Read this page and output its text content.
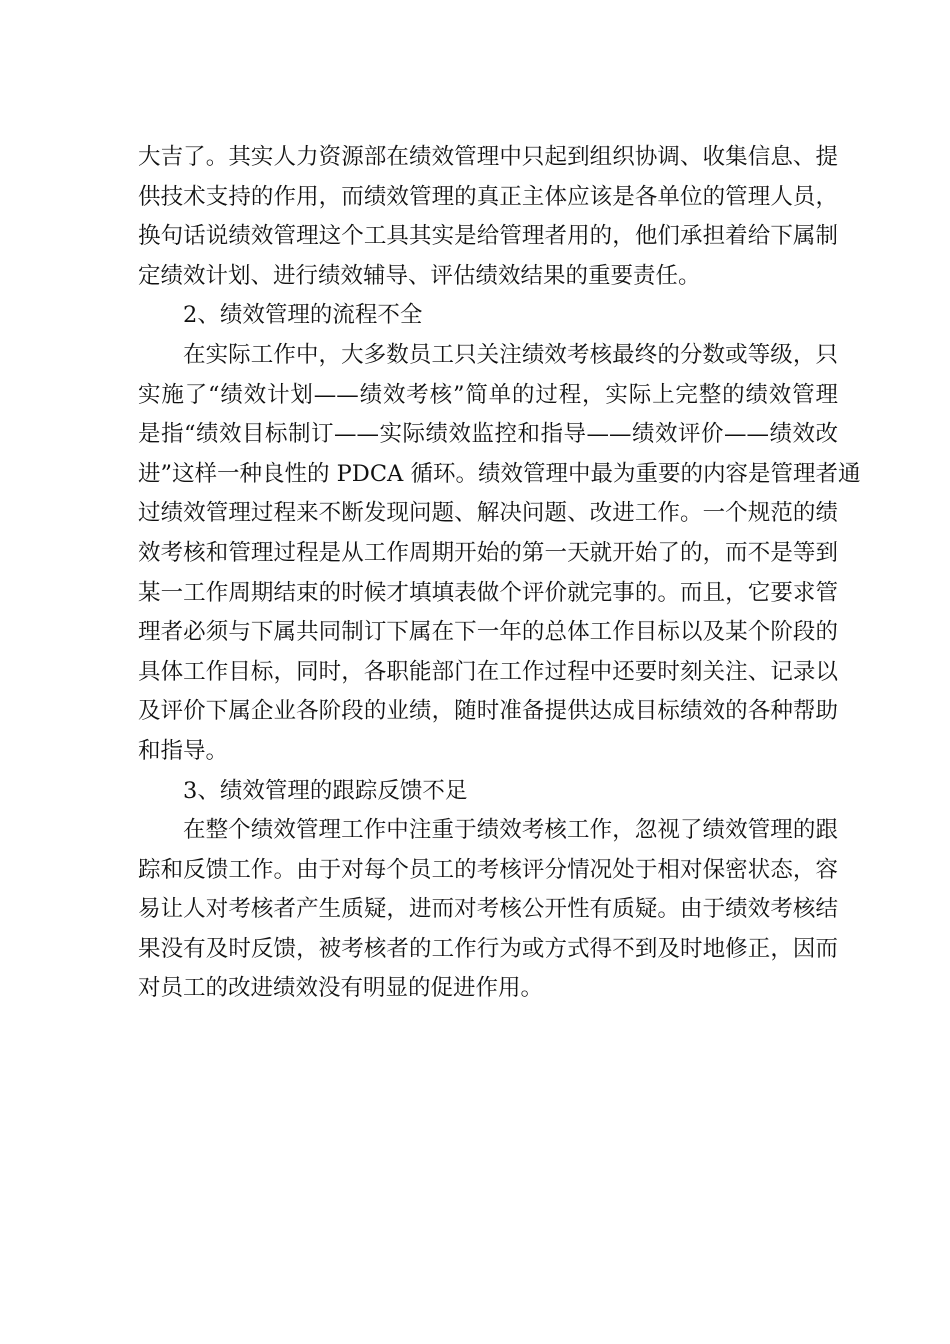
大吉了。其实人力资源部在绩效管理中只起到组织协调、收集信息、提
供技术支持的作用，而绩效管理的真正主体应该是各单位的管理人员，
换句话说绩效管理这个工具其实是给管理者用的，他们承担着给下属制
定绩效计划、进行绩效辅导、评估绩效结果的重要责任。
2、绩效管理的流程不全
在实际工作中，大多数员工只关注绩效考核最终的分数或等级，只
实施了“绩效计划——绩效考核”简单的过程，实际上完整的绩效管理
是指“绩效目标制订——实际绩效监控和指导——绩效评价——绩效改
进”这样一种良性的 PDCA 循环。绩效管理中最为重要的内容是管理者通
过绩效管理过程来不断发现问题、解决问题、改进工作。一个规范的绩
效考核和管理过程是从工作周期开始的第一天就开始了的，而不是等到
某一工作周期结束的时候才填填表做个评价就完事的。而且，它要求管
理者必须与下属共同制订下属在下一年的总体工作目标以及某个阶段的
具体工作目标，同时，各职能部门在工作过程中还要时刻关注、记录以
及评价下属企业各阶段的业绩，随时准备提供达成目标绩效的各种帮助
和指导。
3、绩效管理的跟踪反馈不足
在整个绩效管理工作中注重于绩效考核工作，忽视了绩效管理的跟
踪和反馈工作。由于对每个员工的考核评分情况处于相对保密状态，容
易让人对考核者产生质疑，进而对考核公开性有质疑。由于绩效考核结
果没有及时反馈，被考核者的工作行为或方式得不到及时地修正，因而
对员工的改进绩效没有明显的促进作用。
